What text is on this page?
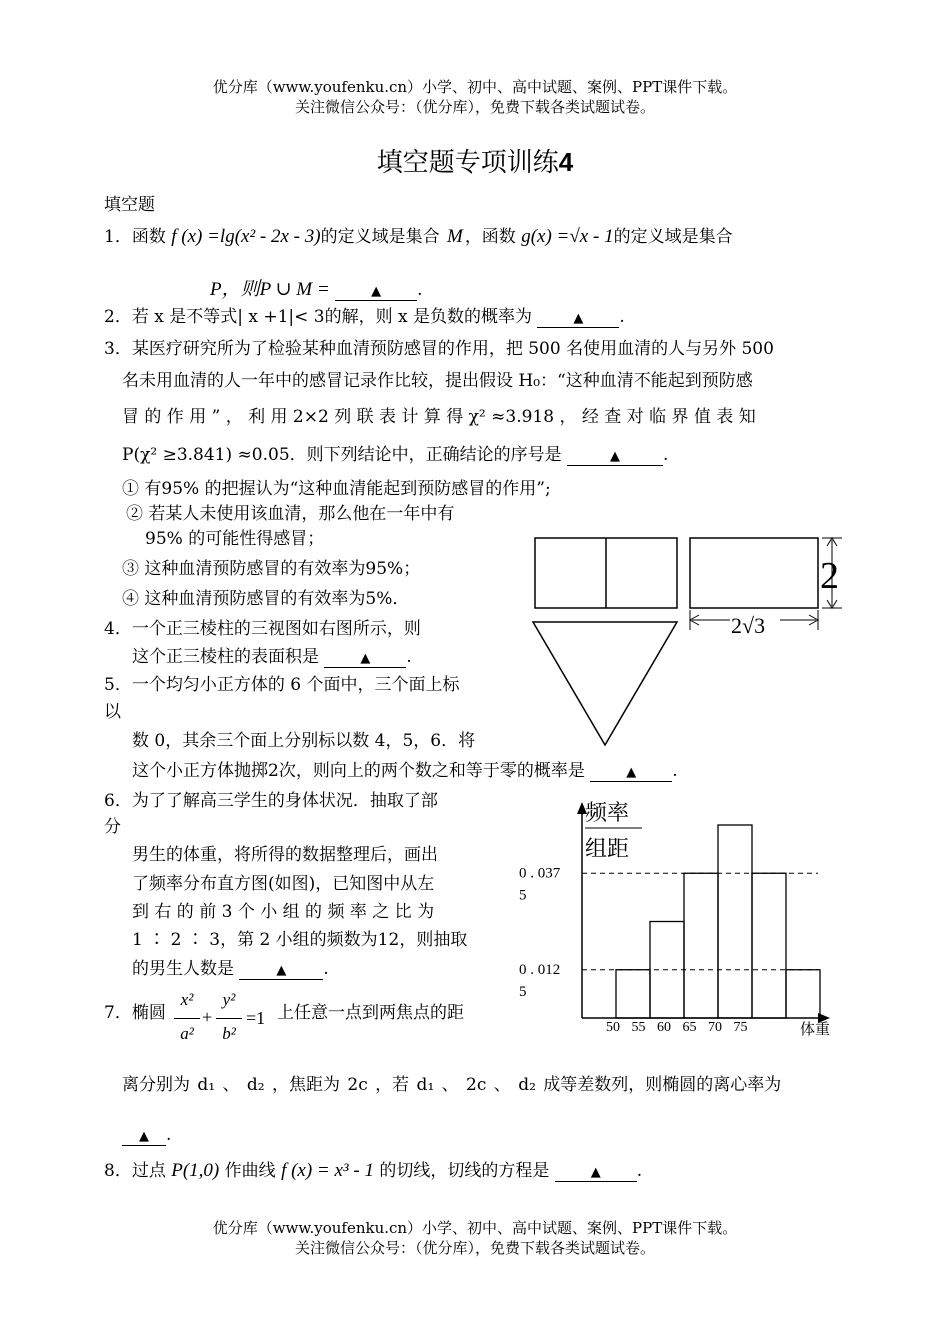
优分库（www.youfenku.cn）小学、初中、高中试题、案例、PPT课件下载。
关注微信公众号：（优分库），免费下载各类试题试卷。
填空题专项训练4
填空题
1．函数 f (x) =lg(x² - 2x - 3)的定义域是集合 M ，函数 g(x) =√x - 1的定义域是集合
P，则P ∪ M =	▲ .
2．若 x 是不等式| x +1|< 3的解，则 x 是负数的概率为	▲ .
3．某医疗研究所为了检验某种血清预防感冒的作用，把 500 名使用血清的人与另外 500
名未用血清的人一年中的感冒记录作比较，提出假设 H₀：“这种血清不能起到预防感
冒 的 作 用 ” ， 利 用 2×2 列 联 表 计 算 得 χ² ≈3.918 ， 经 查 对 临 界 值 表 知
P(χ² ≥3.841) ≈0.05．则下列结论中，正确结论的序号是	▲	.
① 有95% 的把握认为“这种血清能起到预防感冒的作用”;
② 若某人未使用该血清，那么他在一年中有
95% 的可能性得感冒；
③ 这种血清预防感冒的有效率为95%；
④ 这种血清预防感冒的有效率为5%．
4．一个正三棱柱的三视图如右图所示，则
这个正三棱柱的表面积是	▲ .
5．一个均匀小正方体的 6 个面中，三个面上标
以
数 0，其余三个面上分别标以数 4，5，6．将
这个小正方体抛掷2次，则向上的两个数之和等于零的概率是	▲ .
6．为了了解高三学生的身体状况．抽取了部
分
男生的体重，将所得的数据整理后，画出
了频率分布直方图(如图)，已知图中从左
到 右 的 前 3 个 小 组 的 频 率 之 比 为
1 ∶ 2 ∶ 3，第 2 小组的频数为12，则抽取
的男生人数是	▲ .
7．椭圆
x²
a²
+
y²
b²
=1 上任意一点到两焦点的距
离分别为 d₁ 、 d₂ ，焦距为 2c ，若 d₁ 、 2c 、 d₂ 成等差数列，则椭圆的离心率为
▲ .
8．过点 P(1,0) 作曲线 f (x) = x³ - 1 的切线，切线的方程是	▲ .
优分库（www.youfenku.cn）小学、初中、高中试题、案例、PPT课件下载。
关注微信公众号：（优分库），免费下载各类试题试卷。
2
2√3
频率
组距
体重
0 . 012
5
0 . 037
5
50 55 60 65 70 75
